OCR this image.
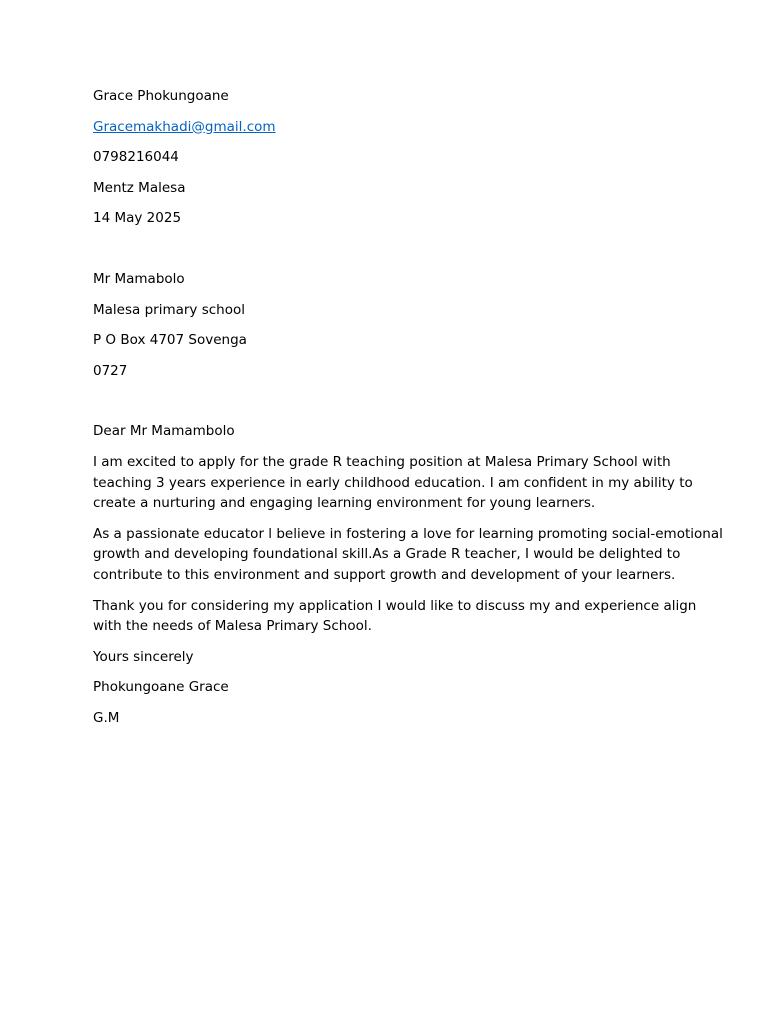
Grace Phokungoane
Gracemakhadi@gmail.com
0798216044
Mentz Malesa
14 May 2025
Mr Mamabolo
Malesa primary school
P O Box 4707 Sovenga
0727
Dear Mr Mamambolo
I am excited to apply for the grade R teaching position at Malesa Primary School with
teaching 3 years experience in early childhood education. I am confident in my ability to
create a nurturing and engaging learning environment for young learners.
As a passionate educator l believe in fostering a love for learning promoting social-emotional
growth and developing foundational skill.As a Grade R teacher, I would be delighted to
contribute to this environment and support growth and development of your learners.
Thank you for considering my application I would like to discuss my and experience align
with the needs of Malesa Primary School.
Yours sincerely
Phokungoane Grace
G.M
